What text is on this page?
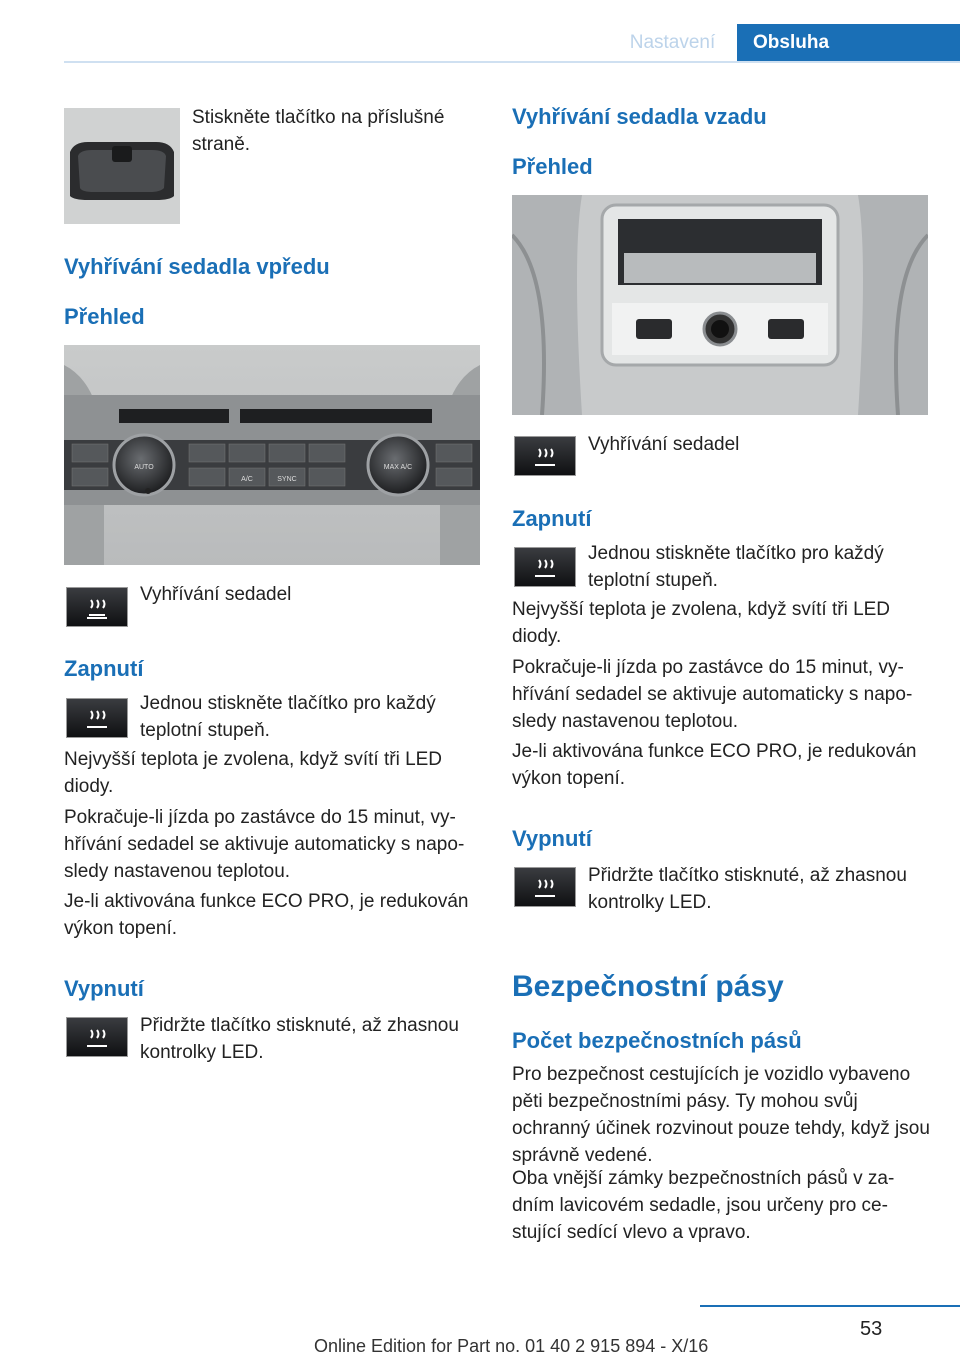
Nastavení	Obsluha
Stiskněte tlačítko na příslušné straně.
Vyhřívání sedadla vpředu
Přehled
AUTO	MAX A/C
A/C	SYNC
Vyhřívání sedadel
Zapnutí
Jednou stiskněte tlačítko pro každý teplotní stupeň.
Nejvyšší teplota je zvolena, když svítí tři LED diody.
Pokračuje-li jízda po zastávce do 15 minut, vyhřívání sedadel se aktivuje automaticky s naposledy nastavenou teplotou.
Je-li aktivována funkce ECO PRO, je redukován výkon topení.
Vypnutí
Přidržte tlačítko stisknuté, až zhasnou kontrolky LED.
Vyhřívání sedadla vzadu
Přehled
Vyhřívání sedadel
Zapnutí
Jednou stiskněte tlačítko pro každý teplotní stupeň.
Nejvyšší teplota je zvolena, když svítí tři LED diody.
Pokračuje-li jízda po zastávce do 15 minut, vyhřívání sedadel se aktivuje automaticky s naposledy nastavenou teplotou.
Je-li aktivována funkce ECO PRO, je redukován výkon topení.
Vypnutí
Přidržte tlačítko stisknuté, až zhasnou kontrolky LED.
Bezpečnostní pásy
Počet bezpečnostních pásů
Pro bezpečnost cestujících je vozidlo vybaveno pěti bezpečnostními pásy. Ty mohou svůj ochranný účinek rozvinout pouze tehdy, když jsou správně vedené.
Oba vnější zámky bezpečnostních pásů v zadním lavicovém sedadle, jsou určeny pro cestující sedící vlevo a vpravo.
53
Online Edition for Part no. 01 40 2 915 894 - X/16
